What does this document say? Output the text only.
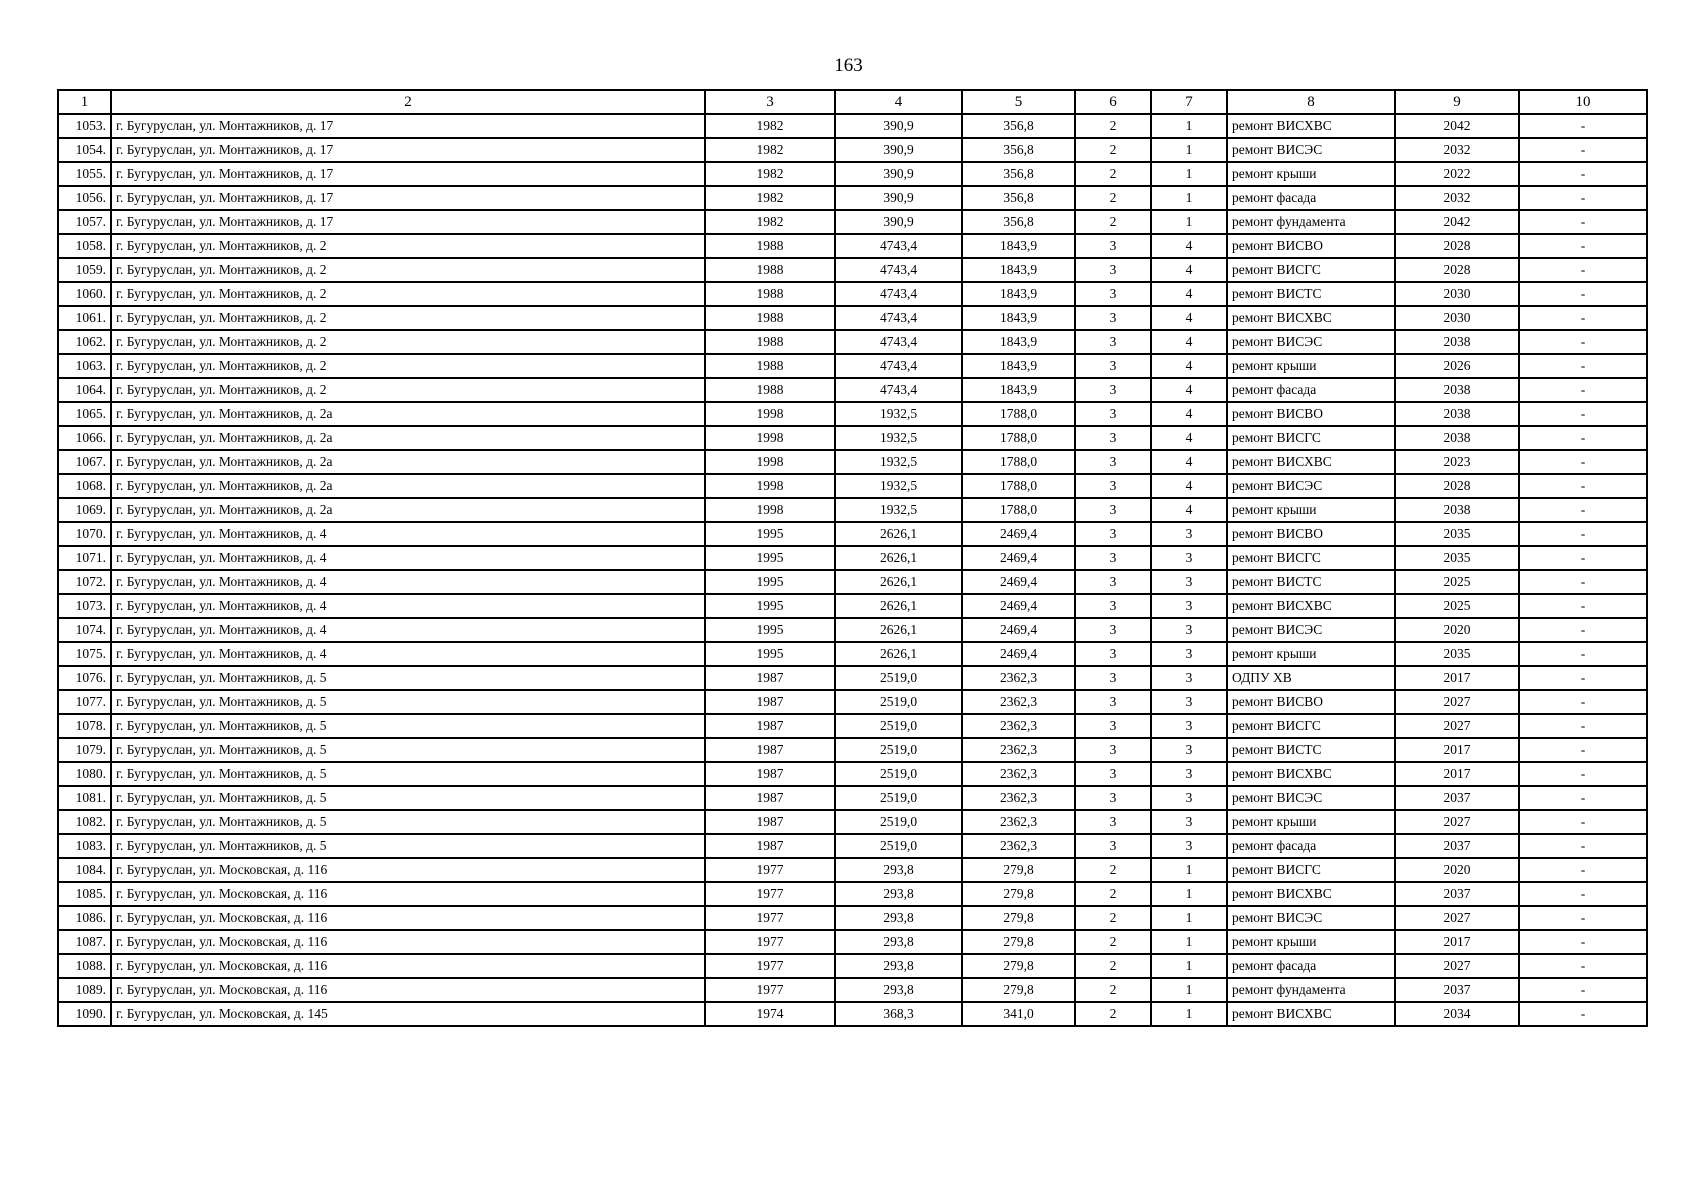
163
1	2	3	4	5	6	7	8	9	10
1053.	г. Бугуруслан, ул. Монтажников, д. 17	1982	390,9	356,8	2	1	ремонт ВИСХВС	2042	-
1054.	г. Бугуруслан, ул. Монтажников, д. 17	1982	390,9	356,8	2	1	ремонт ВИСЭС	2032	-
1055.	г. Бугуруслан, ул. Монтажников, д. 17	1982	390,9	356,8	2	1	ремонт крыши	2022	-
1056.	г. Бугуруслан, ул. Монтажников, д. 17	1982	390,9	356,8	2	1	ремонт фасада	2032	-
1057.	г. Бугуруслан, ул. Монтажников, д. 17	1982	390,9	356,8	2	1	ремонт фундамента	2042	-
1058.	г. Бугуруслан, ул. Монтажников, д. 2	1988	4743,4	1843,9	3	4	ремонт ВИСВО	2028	-
1059.	г. Бугуруслан, ул. Монтажников, д. 2	1988	4743,4	1843,9	3	4	ремонт ВИСГС	2028	-
1060.	г. Бугуруслан, ул. Монтажников, д. 2	1988	4743,4	1843,9	3	4	ремонт ВИСТС	2030	-
1061.	г. Бугуруслан, ул. Монтажников, д. 2	1988	4743,4	1843,9	3	4	ремонт ВИСХВС	2030	-
1062.	г. Бугуруслан, ул. Монтажников, д. 2	1988	4743,4	1843,9	3	4	ремонт ВИСЭС	2038	-
1063.	г. Бугуруслан, ул. Монтажников, д. 2	1988	4743,4	1843,9	3	4	ремонт крыши	2026	-
1064.	г. Бугуруслан, ул. Монтажников, д. 2	1988	4743,4	1843,9	3	4	ремонт фасада	2038	-
1065.	г. Бугуруслан, ул. Монтажников, д. 2а	1998	1932,5	1788,0	3	4	ремонт ВИСВО	2038	-
1066.	г. Бугуруслан, ул. Монтажников, д. 2а	1998	1932,5	1788,0	3	4	ремонт ВИСГС	2038	-
1067.	г. Бугуруслан, ул. Монтажников, д. 2а	1998	1932,5	1788,0	3	4	ремонт ВИСХВС	2023	-
1068.	г. Бугуруслан, ул. Монтажников, д. 2а	1998	1932,5	1788,0	3	4	ремонт ВИСЭС	2028	-
1069.	г. Бугуруслан, ул. Монтажников, д. 2а	1998	1932,5	1788,0	3	4	ремонт крыши	2038	-
1070.	г. Бугуруслан, ул. Монтажников, д. 4	1995	2626,1	2469,4	3	3	ремонт ВИСВО	2035	-
1071.	г. Бугуруслан, ул. Монтажников, д. 4	1995	2626,1	2469,4	3	3	ремонт ВИСГС	2035	-
1072.	г. Бугуруслан, ул. Монтажников, д. 4	1995	2626,1	2469,4	3	3	ремонт ВИСТС	2025	-
1073.	г. Бугуруслан, ул. Монтажников, д. 4	1995	2626,1	2469,4	3	3	ремонт ВИСХВС	2025	-
1074.	г. Бугуруслан, ул. Монтажников, д. 4	1995	2626,1	2469,4	3	3	ремонт ВИСЭС	2020	-
1075.	г. Бугуруслан, ул. Монтажников, д. 4	1995	2626,1	2469,4	3	3	ремонт крыши	2035	-
1076.	г. Бугуруслан, ул. Монтажников, д. 5	1987	2519,0	2362,3	3	3	ОДПУ ХВ	2017	-
1077.	г. Бугуруслан, ул. Монтажников, д. 5	1987	2519,0	2362,3	3	3	ремонт ВИСВО	2027	-
1078.	г. Бугуруслан, ул. Монтажников, д. 5	1987	2519,0	2362,3	3	3	ремонт ВИСГС	2027	-
1079.	г. Бугуруслан, ул. Монтажников, д. 5	1987	2519,0	2362,3	3	3	ремонт ВИСТС	2017	-
1080.	г. Бугуруслан, ул. Монтажников, д. 5	1987	2519,0	2362,3	3	3	ремонт ВИСХВС	2017	-
1081.	г. Бугуруслан, ул. Монтажников, д. 5	1987	2519,0	2362,3	3	3	ремонт ВИСЭС	2037	-
1082.	г. Бугуруслан, ул. Монтажников, д. 5	1987	2519,0	2362,3	3	3	ремонт крыши	2027	-
1083.	г. Бугуруслан, ул. Монтажников, д. 5	1987	2519,0	2362,3	3	3	ремонт фасада	2037	-
1084.	г. Бугуруслан, ул. Московская, д. 116	1977	293,8	279,8	2	1	ремонт ВИСГС	2020	-
1085.	г. Бугуруслан, ул. Московская, д. 116	1977	293,8	279,8	2	1	ремонт ВИСХВС	2037	-
1086.	г. Бугуруслан, ул. Московская, д. 116	1977	293,8	279,8	2	1	ремонт ВИСЭС	2027	-
1087.	г. Бугуруслан, ул. Московская, д. 116	1977	293,8	279,8	2	1	ремонт крыши	2017	-
1088.	г. Бугуруслан, ул. Московская, д. 116	1977	293,8	279,8	2	1	ремонт фасада	2027	-
1089.	г. Бугуруслан, ул. Московская, д. 116	1977	293,8	279,8	2	1	ремонт фундамента	2037	-
1090.	г. Бугуруслан, ул. Московская, д. 145	1974	368,3	341,0	2	1	ремонт ВИСХВС	2034	-
